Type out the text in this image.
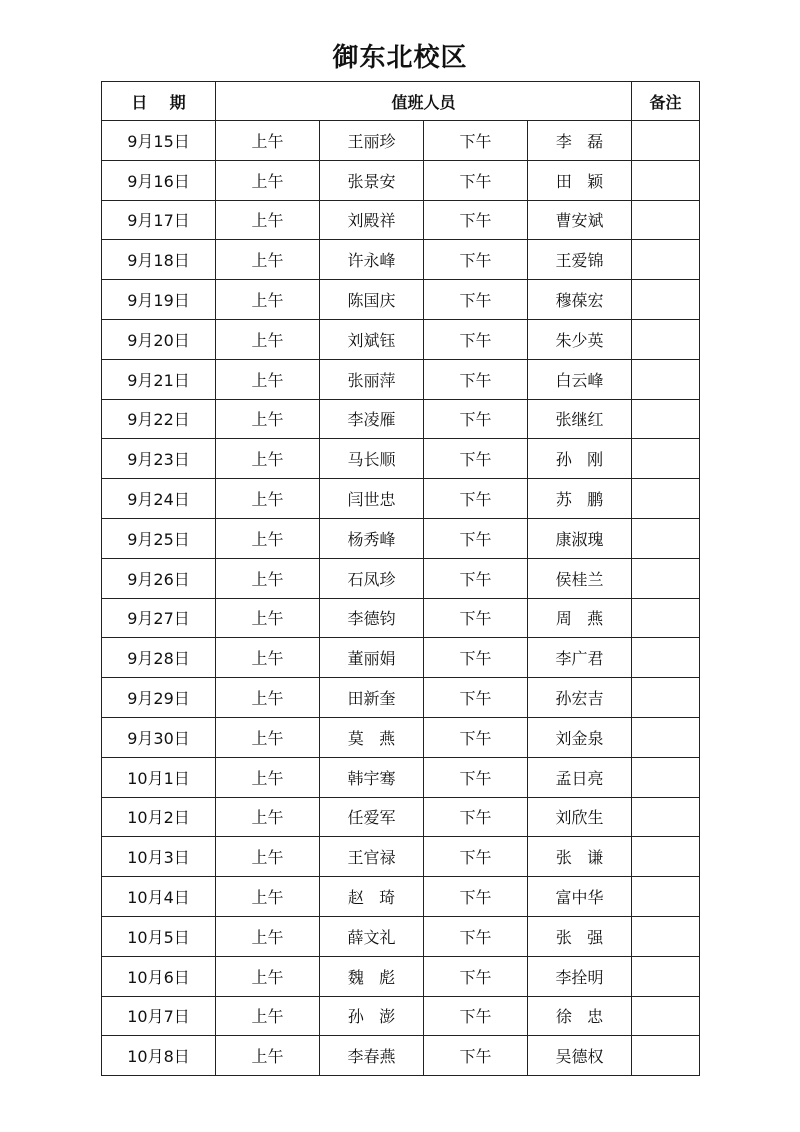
御东北校区
日    期	值班人员				备注
9月15日	上午	王丽珍	下午	李   磊	
9月16日	上午	张景安	下午	田   颖	
9月17日	上午	刘殿祥	下午	曹安斌	
9月18日	上午	许永峰	下午	王爱锦	
9月19日	上午	陈国庆	下午	穆葆宏	
9月20日	上午	刘斌钰	下午	朱少英	
9月21日	上午	张丽萍	下午	白云峰	
9月22日	上午	李凌雁	下午	张继红	
9月23日	上午	马长顺	下午	孙   刚	
9月24日	上午	闫世忠	下午	苏   鹏	
9月25日	上午	杨秀峰	下午	康淑瑰	
9月26日	上午	石凤珍	下午	侯桂兰	
9月27日	上午	李德钧	下午	周   燕	
9月28日	上午	董丽娟	下午	李广君	
9月29日	上午	田新奎	下午	孙宏吉	
9月30日	上午	莫   燕	下午	刘金泉	
10月1日	上午	韩宇骞	下午	孟日亮	
10月2日	上午	任爱军	下午	刘欣生	
10月3日	上午	王官禄	下午	张   谦	
10月4日	上午	赵   琦	下午	富中华	
10月5日	上午	薛文礼	下午	张   强	
10月6日	上午	魏   彪	下午	李拴明	
10月7日	上午	孙   澎	下午	徐   忠	
10月8日	上午	李春燕	下午	吴德权	
